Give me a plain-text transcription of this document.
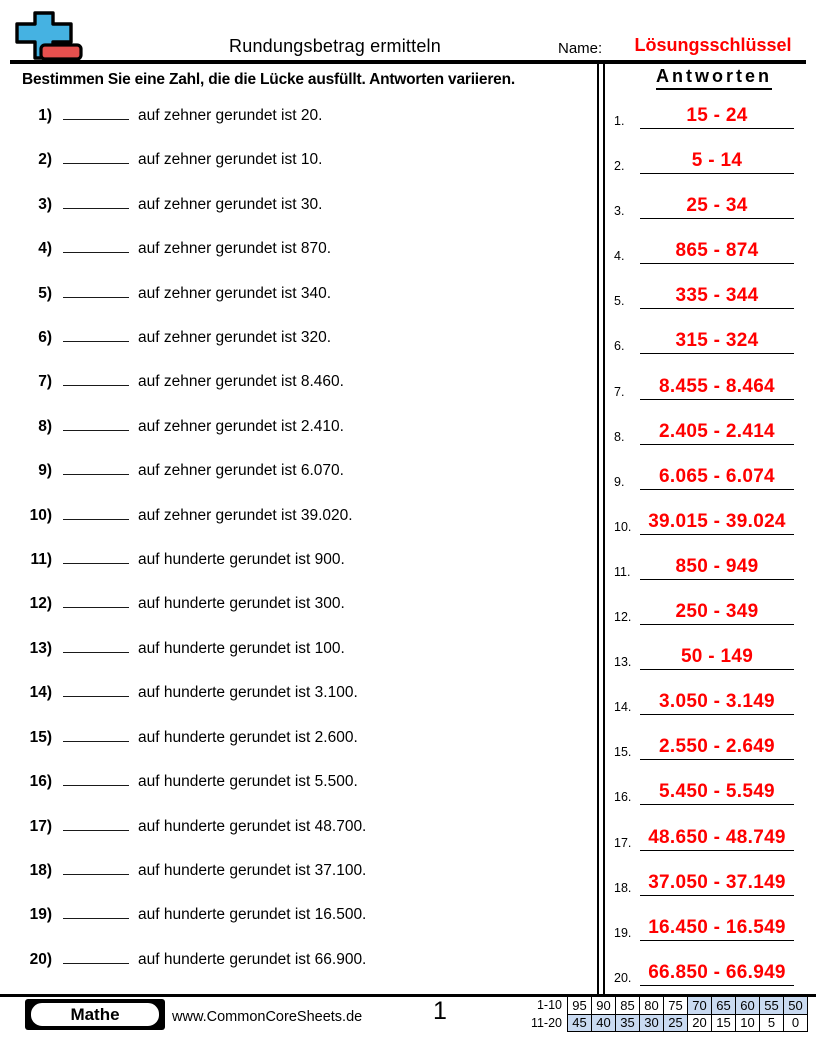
Rundungsbetrag ermitteln	Name:	Lösungsschlüssel
Bestimmen Sie eine Zahl, die die Lücke ausfüllt. Antworten variieren.
1)	auf zehner gerundet ist 20.
2)	auf zehner gerundet ist 10.
3)	auf zehner gerundet ist 30.
4)	auf zehner gerundet ist 870.
5)	auf zehner gerundet ist 340.
6)	auf zehner gerundet ist 320.
7)	auf zehner gerundet ist 8.460.
8)	auf zehner gerundet ist 2.410.
9)	auf zehner gerundet ist 6.070.
10)	auf zehner gerundet ist 39.020.
11)	auf hunderte gerundet ist 900.
12)	auf hunderte gerundet ist 300.
13)	auf hunderte gerundet ist 100.
14)	auf hunderte gerundet ist 3.100.
15)	auf hunderte gerundet ist 2.600.
16)	auf hunderte gerundet ist 5.500.
17)	auf hunderte gerundet ist 48.700.
18)	auf hunderte gerundet ist 37.100.
19)	auf hunderte gerundet ist 16.500.
20)	auf hunderte gerundet ist 66.900.
Antworten
1.	15 - 24
2.	5 - 14
3.	25 - 34
4.	865 - 874
5.	335 - 344
6.	315 - 324
7.	8.455 - 8.464
8.	2.405 - 2.414
9.	6.065 - 6.074
10. 39.015 - 39.024
11.	850 - 949
12.	250 - 349
13.	50 - 149
14.	3.050 - 3.149
15.	2.550 - 2.649
16.	5.450 - 5.549
17. 48.650 - 48.749
18. 37.050 - 37.149
19. 16.450 - 16.549
20. 66.850 - 66.949
Mathe	www.CommonCoreSheets.de	1	1-10	95	90	85	80	75	70	65	60	55	50
11-20	45	40	35	30	25	20	15	10	5	0
